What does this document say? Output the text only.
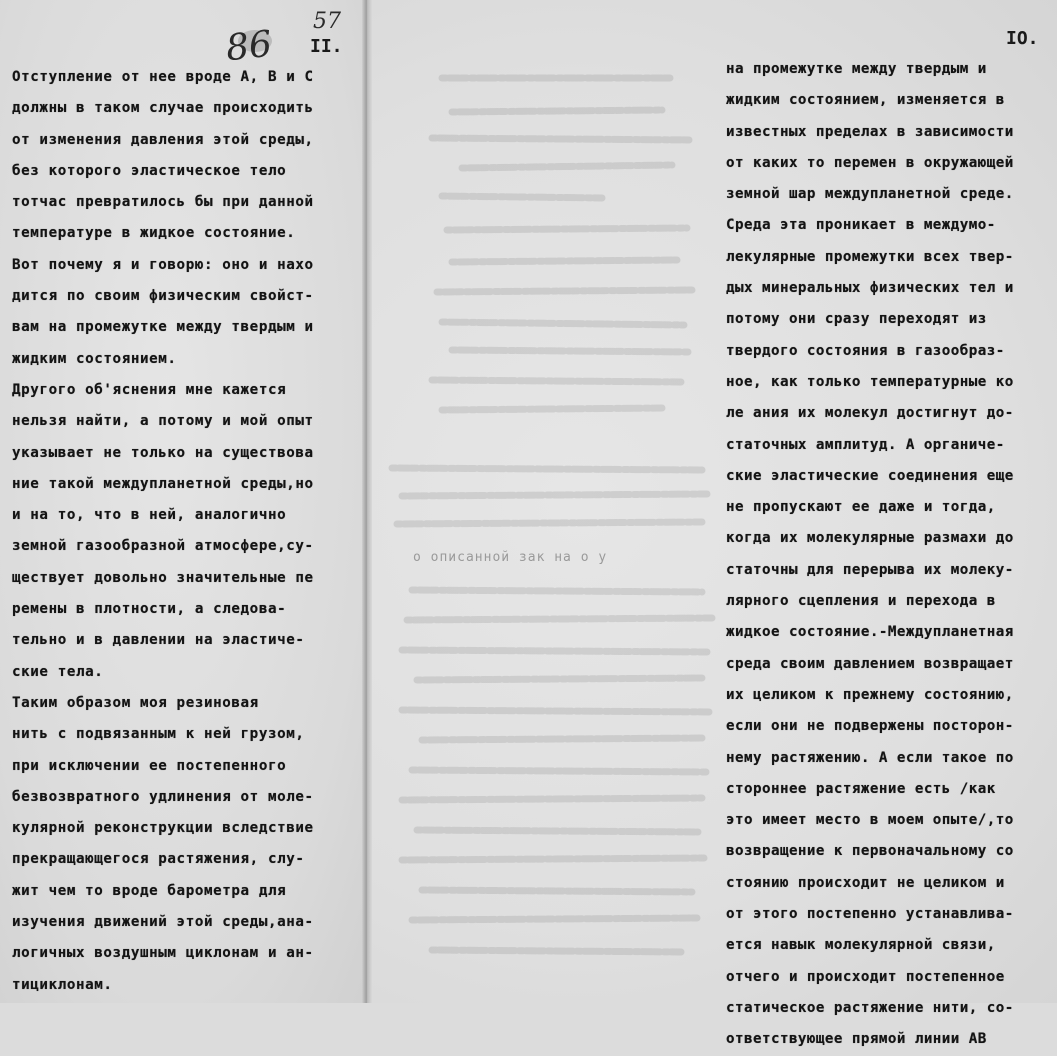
о описанной зак на о у
86
57
II.	IO.
Отступление от нее вроде А, В и С
должны в таком случае происходить
от изменения давления этой среды,
без которого эластическое тело
тотчас превратилось бы при данной
температуре в жидкое состояние.
Вот почему я и говорю: оно и нахо
дится по своим физическим свойст-
вам на промежутке между твердым и
жидким состоянием.
Другого об'яснения мне кажется
нельзя найти, а потому и мой опыт
указывает не только на существова
ние такой междупланетной среды,но
и на то, что в ней, аналогично
земной газообразной атмосфере,су-
ществует довольно значительные пе
ремены в плотности, а следова-
тельно и в давлении на эластиче-
ские тела.
Таким образом моя резиновая
нить с подвязанным к ней грузом,
при исключении ее постепенного
безвозвратного удлинения от моле-
кулярной реконструкции вследствие
прекращающегося растяжения, слу-
жит чем то вроде барометра для
изучения движений этой среды,ана-
логичных воздушным циклонам и ан-
тициклонам.
на промежутке между твердым и
жидким состоянием, изменяется в
известных пределах в зависимости
от каких то перемен в окружающей
земной шар междупланетной среде.
Среда эта проникает в междумо-
лекулярные промежутки всех твер-
дых минеральных физических тел и
потому они сразу переходят из
твердого состояния в газообраз-
ное, как только температурные ко
ле ания их молекул достигнут до-
статочных амплитуд. А органиче-
ские эластические соединения еще
не пропускают ее даже и тогда,
когда их молекулярные размахи до
статочны для перерыва их молеку-
лярного сцепления и перехода в
жидкое состояние.-Междупланетная
среда своим давлением возвращает
их целиком к прежнему состоянию,
если они не подвержены посторон-
нему растяжению. А если такое по
стороннее растяжение есть /как
это имеет место в моем опыте/,то
возвращение к первоначальному со
стоянию происходит не целиком и
от этого постепенно устанавлива-
ется навык молекулярной связи,
отчего и происходит постепенное
статическое растяжение нити, со-
ответствующее прямой линии АВ
